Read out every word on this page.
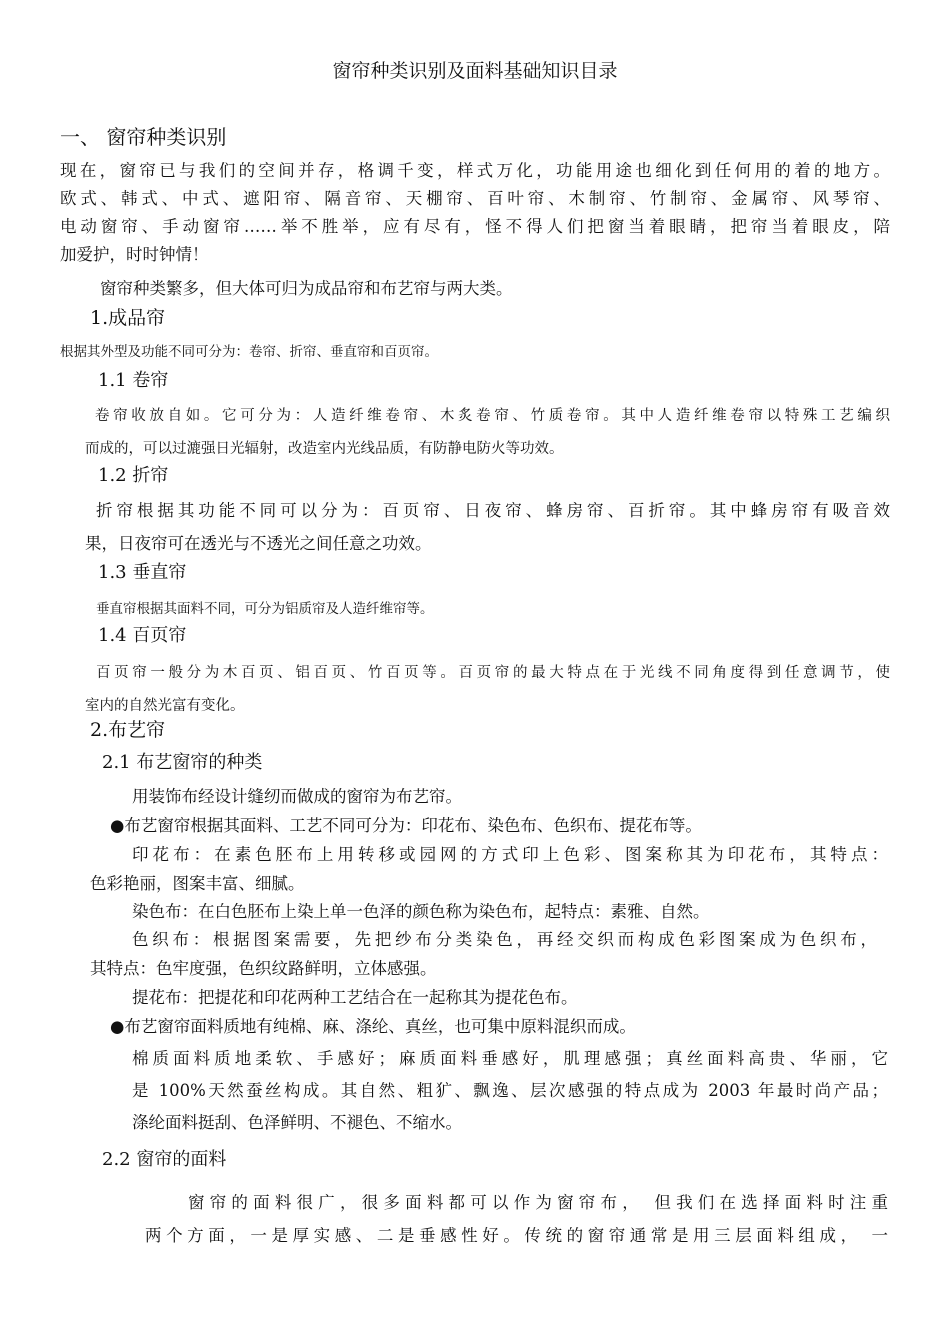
窗帘种类识别及面料基础知识目录
一、 窗帘种类识别
现在，窗帘已与我们的空间并存，格调千变，样式万化，功能用途也细化到任何用的着的地方。
欧式、韩式、中式、遮阳帘、隔音帘、天棚帘、百叶帘、木制帘、竹制帘、金属帘、风琴帘、
电动窗帘、手动窗帘……举不胜举，应有尽有，怪不得人们把窗当着眼睛，把帘当着眼皮，陪
加爱护，时时钟情！
窗帘种类繁多，但大体可归为成品帘和布艺帘与两大类。
1.成品帘
根据其外型及功能不同可分为：卷帘、折帘、垂直帘和百页帘。
1.1 卷帘
卷帘收放自如。它可分为：人造纤维卷帘、木炙卷帘、竹质卷帘。其中人造纤维卷帘以特殊工艺编织
而成的，可以过漉强日光辐射，改造室内光线品质，有防静电防火等功效。
1.2 折帘
折帘根据其功能不同可以分为：百页帘、日夜帘、蜂房帘、百折帘。其中蜂房帘有吸音效
果，日夜帘可在透光与不透光之间任意之功效。
1.3 垂直帘
垂直帘根据其面料不同，可分为铝质帘及人造纤维帘等。
1.4 百页帘
百页帘一般分为木百页、铝百页、竹百页等。百页帘的最大特点在于光线不同角度得到任意调节，使
室内的自然光富有变化。
2.布艺帘
2.1 布艺窗帘的种类
用装饰布经设计缝纫而做成的窗帘为布艺帘。
●布艺窗帘根据其面料、工艺不同可分为：印花布、染色布、色织布、提花布等。
印花布：在素色胚布上用转移或园网的方式印上色彩、图案称其为印花布，其特点：
色彩艳丽，图案丰富、细腻。
染色布：在白色胚布上染上单一色泽的颜色称为染色布，起特点：素雅、自然。
色织布：根据图案需要，先把纱布分类染色，再经交织而构成色彩图案成为色织布，
其特点：色牢度强，色织纹路鲜明，立体感强。
提花布：把提花和印花两种工艺结合在一起称其为提花色布。
●布艺窗帘面料质地有纯棉、麻、涤纶、真丝，也可集中原料混织而成。
棉质面料质地柔软、手感好；麻质面料垂感好，肌理感强；真丝面料高贵、华丽，它
是 100%天然蚕丝构成。其自然、粗犷、飘逸、层次感强的特点成为 2003 年最时尚产品；
涤纶面料挺刮、色泽鲜明、不褪色、不缩水。
2.2 窗帘的面料
窗帘的面料很广，很多面料都可以作为窗帘布， 但我们在选择面料时注重
两个方面，一是厚实感、二是垂感性好。传统的窗帘通常是用三层面料组成， 一
